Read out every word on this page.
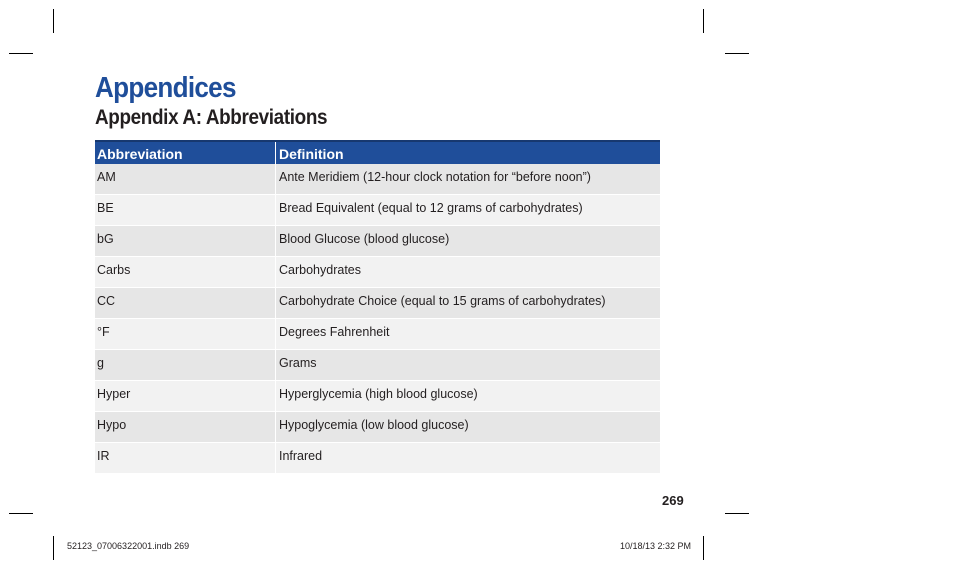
Appendices
Appendix A: Abbreviations
Abbreviation	Definition
AM	Ante Meridiem (12-hour clock notation for “before noon”)
BE	Bread Equivalent (equal to 12 grams of carbohydrates)
bG	Blood Glucose (blood glucose)
Carbs	Carbohydrates
CC	Carbohydrate Choice (equal to 15 grams of carbohydrates)
°F	Degrees Fahrenheit
g	Grams
Hyper	Hyperglycemia (high blood glucose)
Hypo	Hypoglycemia (low blood glucose)
IR	Infrared
269
52123_07006322001.indb 269	10/18/13 2:32 PM
